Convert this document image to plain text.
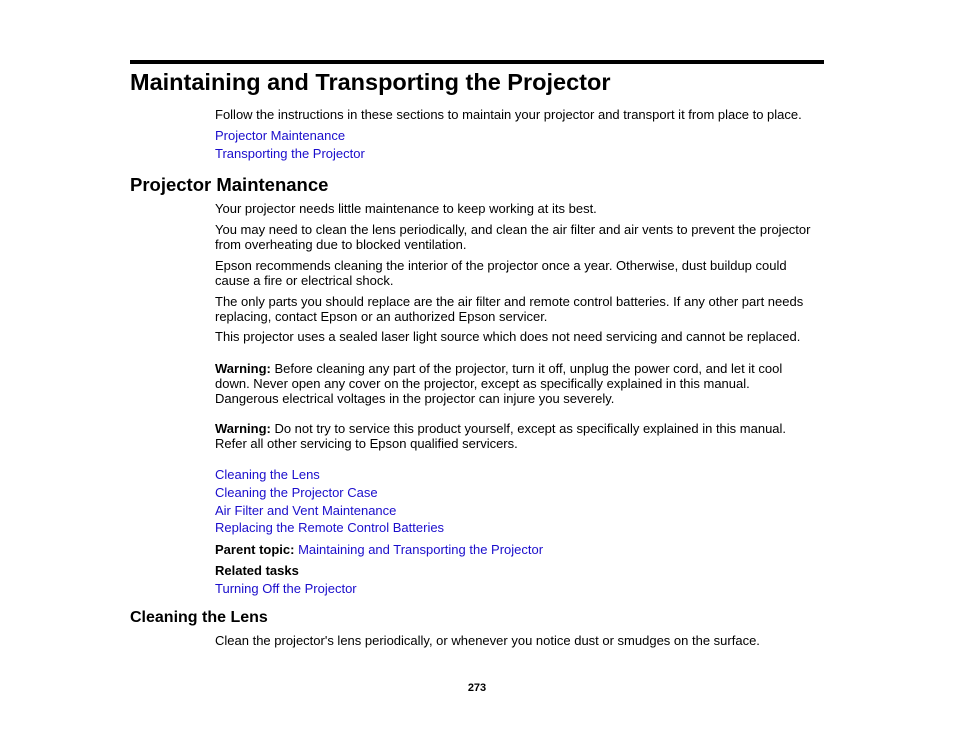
Maintaining and Transporting the Projector
Follow the instructions in these sections to maintain your projector and transport it from place to place.
Projector Maintenance
Transporting the Projector
Projector Maintenance
Your projector needs little maintenance to keep working at its best.
You may need to clean the lens periodically, and clean the air filter and air vents to prevent the projector
from overheating due to blocked ventilation.
Epson recommends cleaning the interior of the projector once a year. Otherwise, dust buildup could
cause a fire or electrical shock.
The only parts you should replace are the air filter and remote control batteries. If any other part needs
replacing, contact Epson or an authorized Epson servicer.
This projector uses a sealed laser light source which does not need servicing and cannot be replaced.
Warning: Before cleaning any part of the projector, turn it off, unplug the power cord, and let it cool
down. Never open any cover on the projector, except as specifically explained in this manual.
Dangerous electrical voltages in the projector can injure you severely.
Warning: Do not try to service this product yourself, except as specifically explained in this manual.
Refer all other servicing to Epson qualified servicers.
Cleaning the Lens
Cleaning the Projector Case
Air Filter and Vent Maintenance
Replacing the Remote Control Batteries
Parent topic: Maintaining and Transporting the Projector
Related tasks
Turning Off the Projector
Cleaning the Lens
Clean the projector's lens periodically, or whenever you notice dust or smudges on the surface.
273
